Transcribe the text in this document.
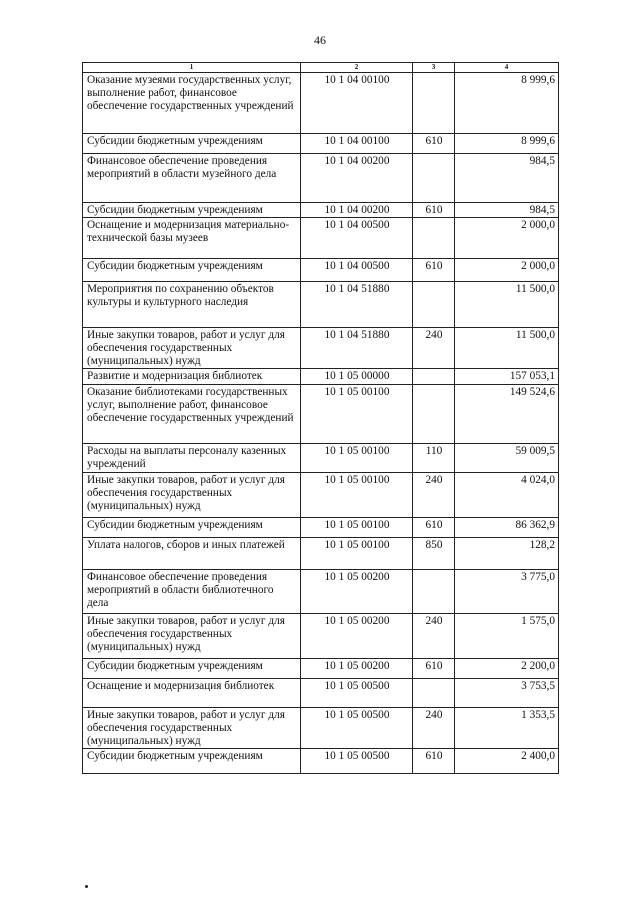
46
1	2	3	4
Оказание музеями государственных услуг, выполнение работ, финансовое обеспечение государственных учреждений	10 1 04 00100		8 999,6
Субсидии бюджетным учреждениям	10 1 04 00100	610	8 999,6
Финансовое обеспечение проведения мероприятий в области музейного дела	10 1 04 00200		984,5
Субсидии бюджетным учреждениям	10 1 04 00200	610	984,5
Оснащение и модернизация материально-технической базы музеев	10 1 04 00500		2 000,0
Субсидии бюджетным учреждениям	10 1 04 00500	610	2 000,0
Мероприятия по сохранению объектов культуры и культурного наследия	10 1 04 51880		11 500,0
Иные закупки товаров, работ и услуг для обеспечения государственных (муниципальных) нужд	10 1 04 51880	240	11 500,0
Развитие и модернизация библиотек	10 1 05 00000		157 053,1
Оказание библиотеками государственных услуг, выполнение работ, финансовое обеспечение государственных учреждений	10 1 05 00100		149 524,6
Расходы на выплаты персоналу казенных учреждений	10 1 05 00100	110	59 009,5
Иные закупки товаров, работ и услуг для обеспечения государственных (муниципальных) нужд	10 1 05 00100	240	4 024,0
Субсидии бюджетным учреждениям	10 1 05 00100	610	86 362,9
Уплата налогов, сборов и иных платежей	10 1 05 00100	850	128,2
Финансовое обеспечение проведения мероприятий в области библиотечного дела	10 1 05 00200		3 775,0
Иные закупки товаров, работ и услуг для обеспечения государственных (муниципальных) нужд	10 1 05 00200	240	1 575,0
Субсидии бюджетным учреждениям	10 1 05 00200	610	2 200,0
Оснащение и модернизация библиотек	10 1 05 00500		3 753,5
Иные закупки товаров, работ и услуг для обеспечения государственных (муниципальных) нужд	10 1 05 00500	240	1 353,5
Субсидии бюджетным учреждениям	10 1 05 00500	610	2 400,0
